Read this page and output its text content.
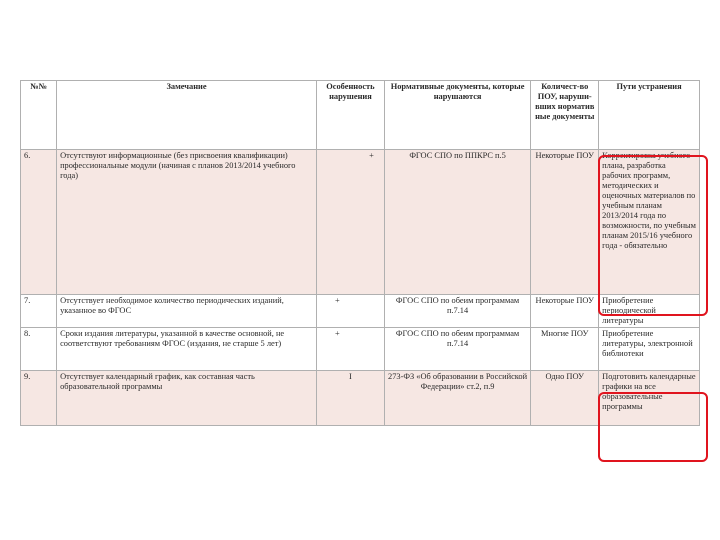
№№	Замечание	Особенность нарушения	Нормативные документы, которые нарушаются	Количест-во ПОУ, наруши-вших норматив ные документы	Пути устранения
6.	Отсутствуют информационные (без присвоения квалификации) профессиональные модули (начиная с планов 2013/2014 учебного года)	+	ФГОС СПО по ППКРС п.5	Некоторые ПОУ	Корректировка учебного плана, разработка рабочих программ, методических и оценочных материалов по учебным планам 2013/2014 года по возможности, по учебным планам 2015/16 учебного года - обязательно
7.	Отсутствует необходимое количество периодических изданий, указанное во ФГОС	+	ФГОС СПО по обеим программам п.7.14	Некоторые ПОУ	Приобретение периодической литературы
8.	Сроки издания литературы, указанной в качестве основной, не соответствуют требованиям ФГОС (издания, не старше 5 лет)	+	ФГОС СПО по обеим программам п.7.14	Многие ПОУ	Приобретение литературы, электронной библиотеки
9.	Отсутствует календарный график, как составная часть образовательной программы	I	273-ФЗ «Об образовании в Российской Федерации» ст.2, п.9	Одно ПОУ	Подготовить календарные графики на все образовательные программы
